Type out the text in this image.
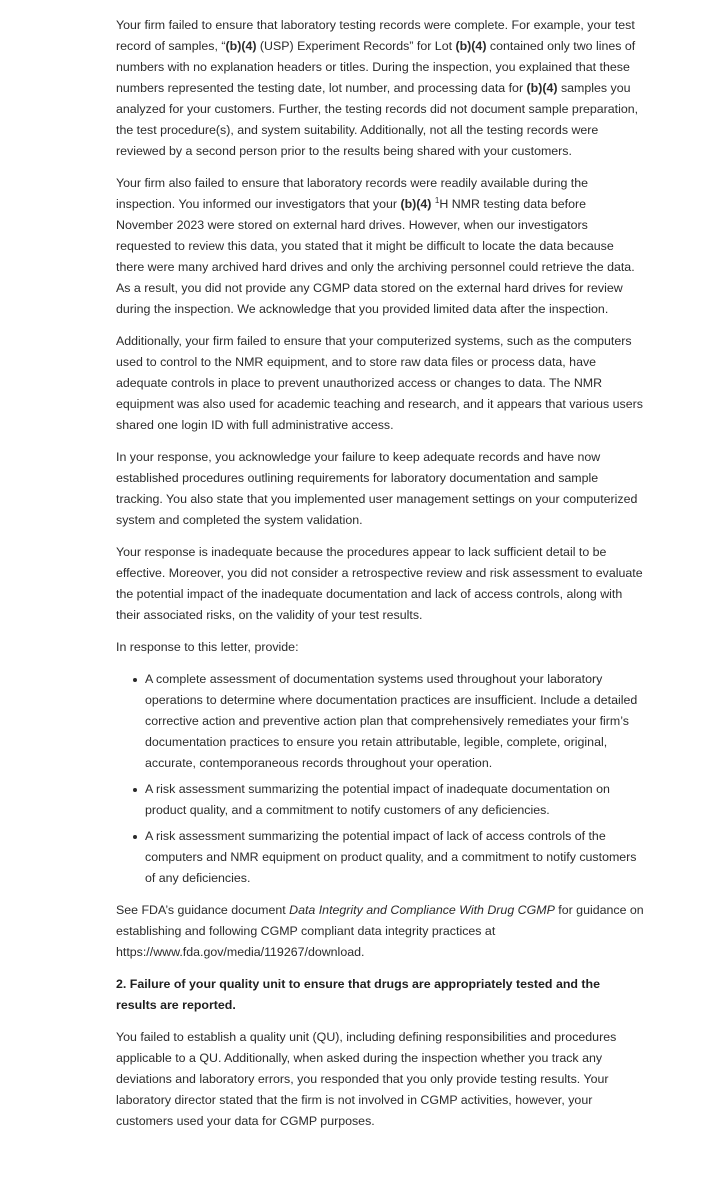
Your firm failed to ensure that laboratory testing records were complete. For example, your test record of samples, “(b)(4) (USP) Experiment Records” for Lot (b)(4) contained only two lines of numbers with no explanation headers or titles. During the inspection, you explained that these numbers represented the testing date, lot number, and processing data for (b)(4) samples you analyzed for your customers. Further, the testing records did not document sample preparation, the test procedure(s), and system suitability. Additionally, not all the testing records were reviewed by a second person prior to the results being shared with your customers.

Your firm also failed to ensure that laboratory records were readily available during the inspection. You informed our investigators that your (b)(4) $^1$H NMR testing data before November 2023 were stored on external hard drives. However, when our investigators requested to review this data, you stated that it might be difficult to locate the data because there were many archived hard drives and only the archiving personnel could retrieve the data. As a result, you did not provide any CGMP data stored on the external hard drives for review during the inspection. We acknowledge that you provided limited data after the inspection.

Additionally, your firm failed to ensure that your computerized systems, such as the computers used to control to the NMR equipment, and to store raw data files or process data, have adequate controls in place to prevent unauthorized access or changes to data. The NMR equipment was also used for academic teaching and research, and it appears that various users shared one login ID with full administrative access.

In your response, you acknowledge your failure to keep adequate records and have now established procedures outlining requirements for laboratory documentation and sample tracking. You also state that you implemented user management settings on your computerized system and completed the system validation.

Your response is inadequate because the procedures appear to lack sufficient detail to be effective. Moreover, you did not consider a retrospective review and risk assessment to evaluate the potential impact of the inadequate documentation and lack of access controls, along with their associated risks, on the validity of your test results.

In response to this letter, provide:

A complete assessment of documentation systems used throughout your laboratory operations to determine where documentation practices are insufficient. Include a detailed corrective action and preventive action plan that comprehensively remediates your firm’s documentation practices to ensure you retain attributable, legible, complete, original, accurate, contemporaneous records throughout your operation.
A risk assessment summarizing the potential impact of inadequate documentation on product quality, and a commitment to notify customers of any deficiencies.
A risk assessment summarizing the potential impact of lack of access controls of the computers and NMR equipment on product quality, and a commitment to notify customers of any deficiencies.

See FDA’s guidance document Data Integrity and Compliance With Drug CGMP for guidance on establishing and following CGMP compliant data integrity practices at https://www.fda.gov/media/119267/download.

2. Failure of your quality unit to ensure that drugs are appropriately tested and the results are reported.

You failed to establish a quality unit (QU), including defining responsibilities and procedures applicable to a QU. Additionally, when asked during the inspection whether you track any deviations and laboratory errors, you responded that you only provide testing results. Your laboratory director stated that the firm is not involved in CGMP activities, however, your customers used your data for CGMP purposes.
